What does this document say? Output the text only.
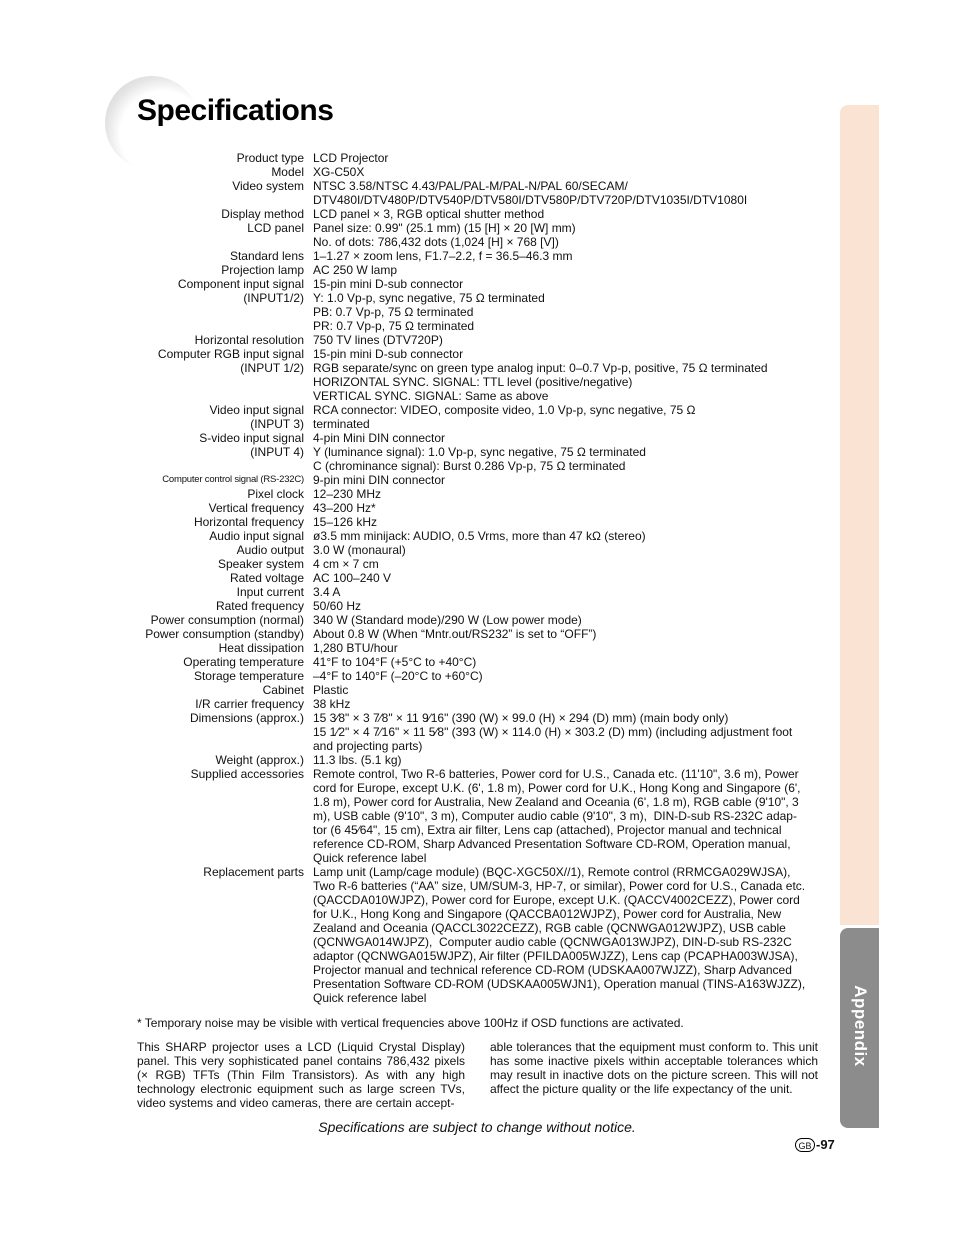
Specifications
Appendix
Product type LCD Projector
Model XG-C50X
Video system NTSC 3.58/NTSC 4.43/PAL/PAL-M/PAL-N/PAL 60/SECAM/
DTV480I/DTV480P/DTV540P/DTV580I/DTV580P/DTV720P/DTV1035I/DTV1080I
Display method LCD panel × 3, RGB optical shutter method
LCD panel Panel size: 0.99" (25.1 mm) (15 [H] × 20 [W] mm)
No. of dots: 786,432 dots (1,024 [H] × 768 [V])
Standard lens 1–1.27 × zoom lens, F1.7–2.2, f = 36.5–46.3 mm
Projection lamp AC 250 W lamp
Component input signal 15-pin mini D-sub connector
(INPUT1/2) Y: 1.0 Vp-p, sync negative, 75 Ω terminated
PB: 0.7 Vp-p, 75 Ω terminated
PR: 0.7 Vp-p, 75 Ω terminated
Horizontal resolution 750 TV lines (DTV720P)
Computer RGB input signal 15-pin mini D-sub connector
(INPUT 1/2) RGB separate/sync on green type analog input: 0–0.7 Vp-p, positive, 75 Ω terminated
HORIZONTAL SYNC. SIGNAL: TTL level (positive/negative)
VERTICAL SYNC. SIGNAL: Same as above
Video input signal RCA connector: VIDEO, composite video, 1.0 Vp-p, sync negative, 75 Ω
(INPUT 3) terminated
S-video input signal 4-pin Mini DIN connector
(INPUT 4) Y (luminance signal): 1.0 Vp-p, sync negative, 75 Ω terminated
C (chrominance signal): Burst 0.286 Vp-p, 75 Ω terminated
Computer control signal (RS-232C) 9-pin mini DIN connector
Pixel clock 12–230 MHz
Vertical frequency 43–200 Hz*
Horizontal frequency 15–126 kHz
Audio input signal ø3.5 mm minijack: AUDIO, 0.5 Vrms, more than 47 kΩ (stereo)
Audio output 3.0 W (monaural)
Speaker system 4 cm × 7 cm
Rated voltage AC 100–240 V
Input current 3.4 A
Rated frequency 50/60 Hz
Power consumption (normal) 340 W (Standard mode)/290 W (Low power mode)
Power consumption (standby) About 0.8 W (When “Mntr.out/RS232” is set to “OFF”)
Heat dissipation 1,280 BTU/hour
Operating temperature 41°F to 104°F (+5°C to +40°C)
Storage temperature –4°F to 140°F (–20°C to +60°C)
Cabinet Plastic
I/R carrier frequency 38 kHz
Dimensions (approx.) 15 3⁄8" × 3 7⁄8" × 11 9⁄16" (390 (W) × 99.0 (H) × 294 (D) mm) (main body only)
15 1⁄2" × 4 7⁄16" × 11 5⁄8" (393 (W) × 114.0 (H) × 303.2 (D) mm) (including adjustment foot
and projecting parts)
Weight (approx.) 11.3 lbs. (5.1 kg)
Supplied accessories Remote control, Two R-6 batteries, Power cord for U.S., Canada etc. (11'10", 3.6 m), Power
cord for Europe, except U.K. (6', 1.8 m), Power cord for U.K., Hong Kong and Singapore (6',
1.8 m), Power cord for Australia, New Zealand and Oceania (6', 1.8 m), RGB cable (9'10", 3
m), USB cable (9'10", 3 m), Computer audio cable (9'10", 3 m),  DIN-D-sub RS-232C adap-
tor (6 45⁄64", 15 cm), Extra air filter, Lens cap (attached), Projector manual and technical
reference CD-ROM, Sharp Advanced Presentation Software CD-ROM, Operation manual,
Quick reference label
Replacement parts Lamp unit (Lamp/cage module) (BQC-XGC50X//1), Remote control (RRMCGA029WJSA),
Two R-6 batteries (“AA” size, UM/SUM-3, HP-7, or similar), Power cord for U.S., Canada etc.
(QACCDA010WJPZ), Power cord for Europe, except U.K. (QACCV4002CEZZ), Power cord
for U.K., Hong Kong and Singapore (QACCBA012WJPZ), Power cord for Australia, New
Zealand and Oceania (QACCL3022CEZZ), RGB cable (QCNWGA012WJPZ), USB cable
(QCNWGA014WJPZ),  Computer audio cable (QCNWGA013WJPZ), DIN-D-sub RS-232C
adaptor (QCNWGA015WJPZ), Air filter (PFILDA005WJZZ), Lens cap (PCAPHA003WJSA),
Projector manual and technical reference CD-ROM (UDSKAA007WJZZ), Sharp Advanced
Presentation Software CD-ROM (UDSKAA005WJN1), Operation manual (TINS-A163WJZZ),
Quick reference label
* Temporary noise may be visible with vertical frequencies above 100Hz if OSD functions are activated.
This SHARP projector uses a LCD (Liquid Crystal Display) panel. This very sophisticated panel contains 786,432 pixels (× RGB) TFTs (Thin Film Transistors). As with any high technology electronic equipment such as large screen TVs, video systems and video cameras, there are certain accept-
able tolerances that the equipment must conform to. This unit has some inactive pixels within acceptable tolerances which may result in inactive dots on the picture screen. This will not affect the picture quality or the life expectancy of the unit.
Specifications are subject to change without notice.
GB -97
